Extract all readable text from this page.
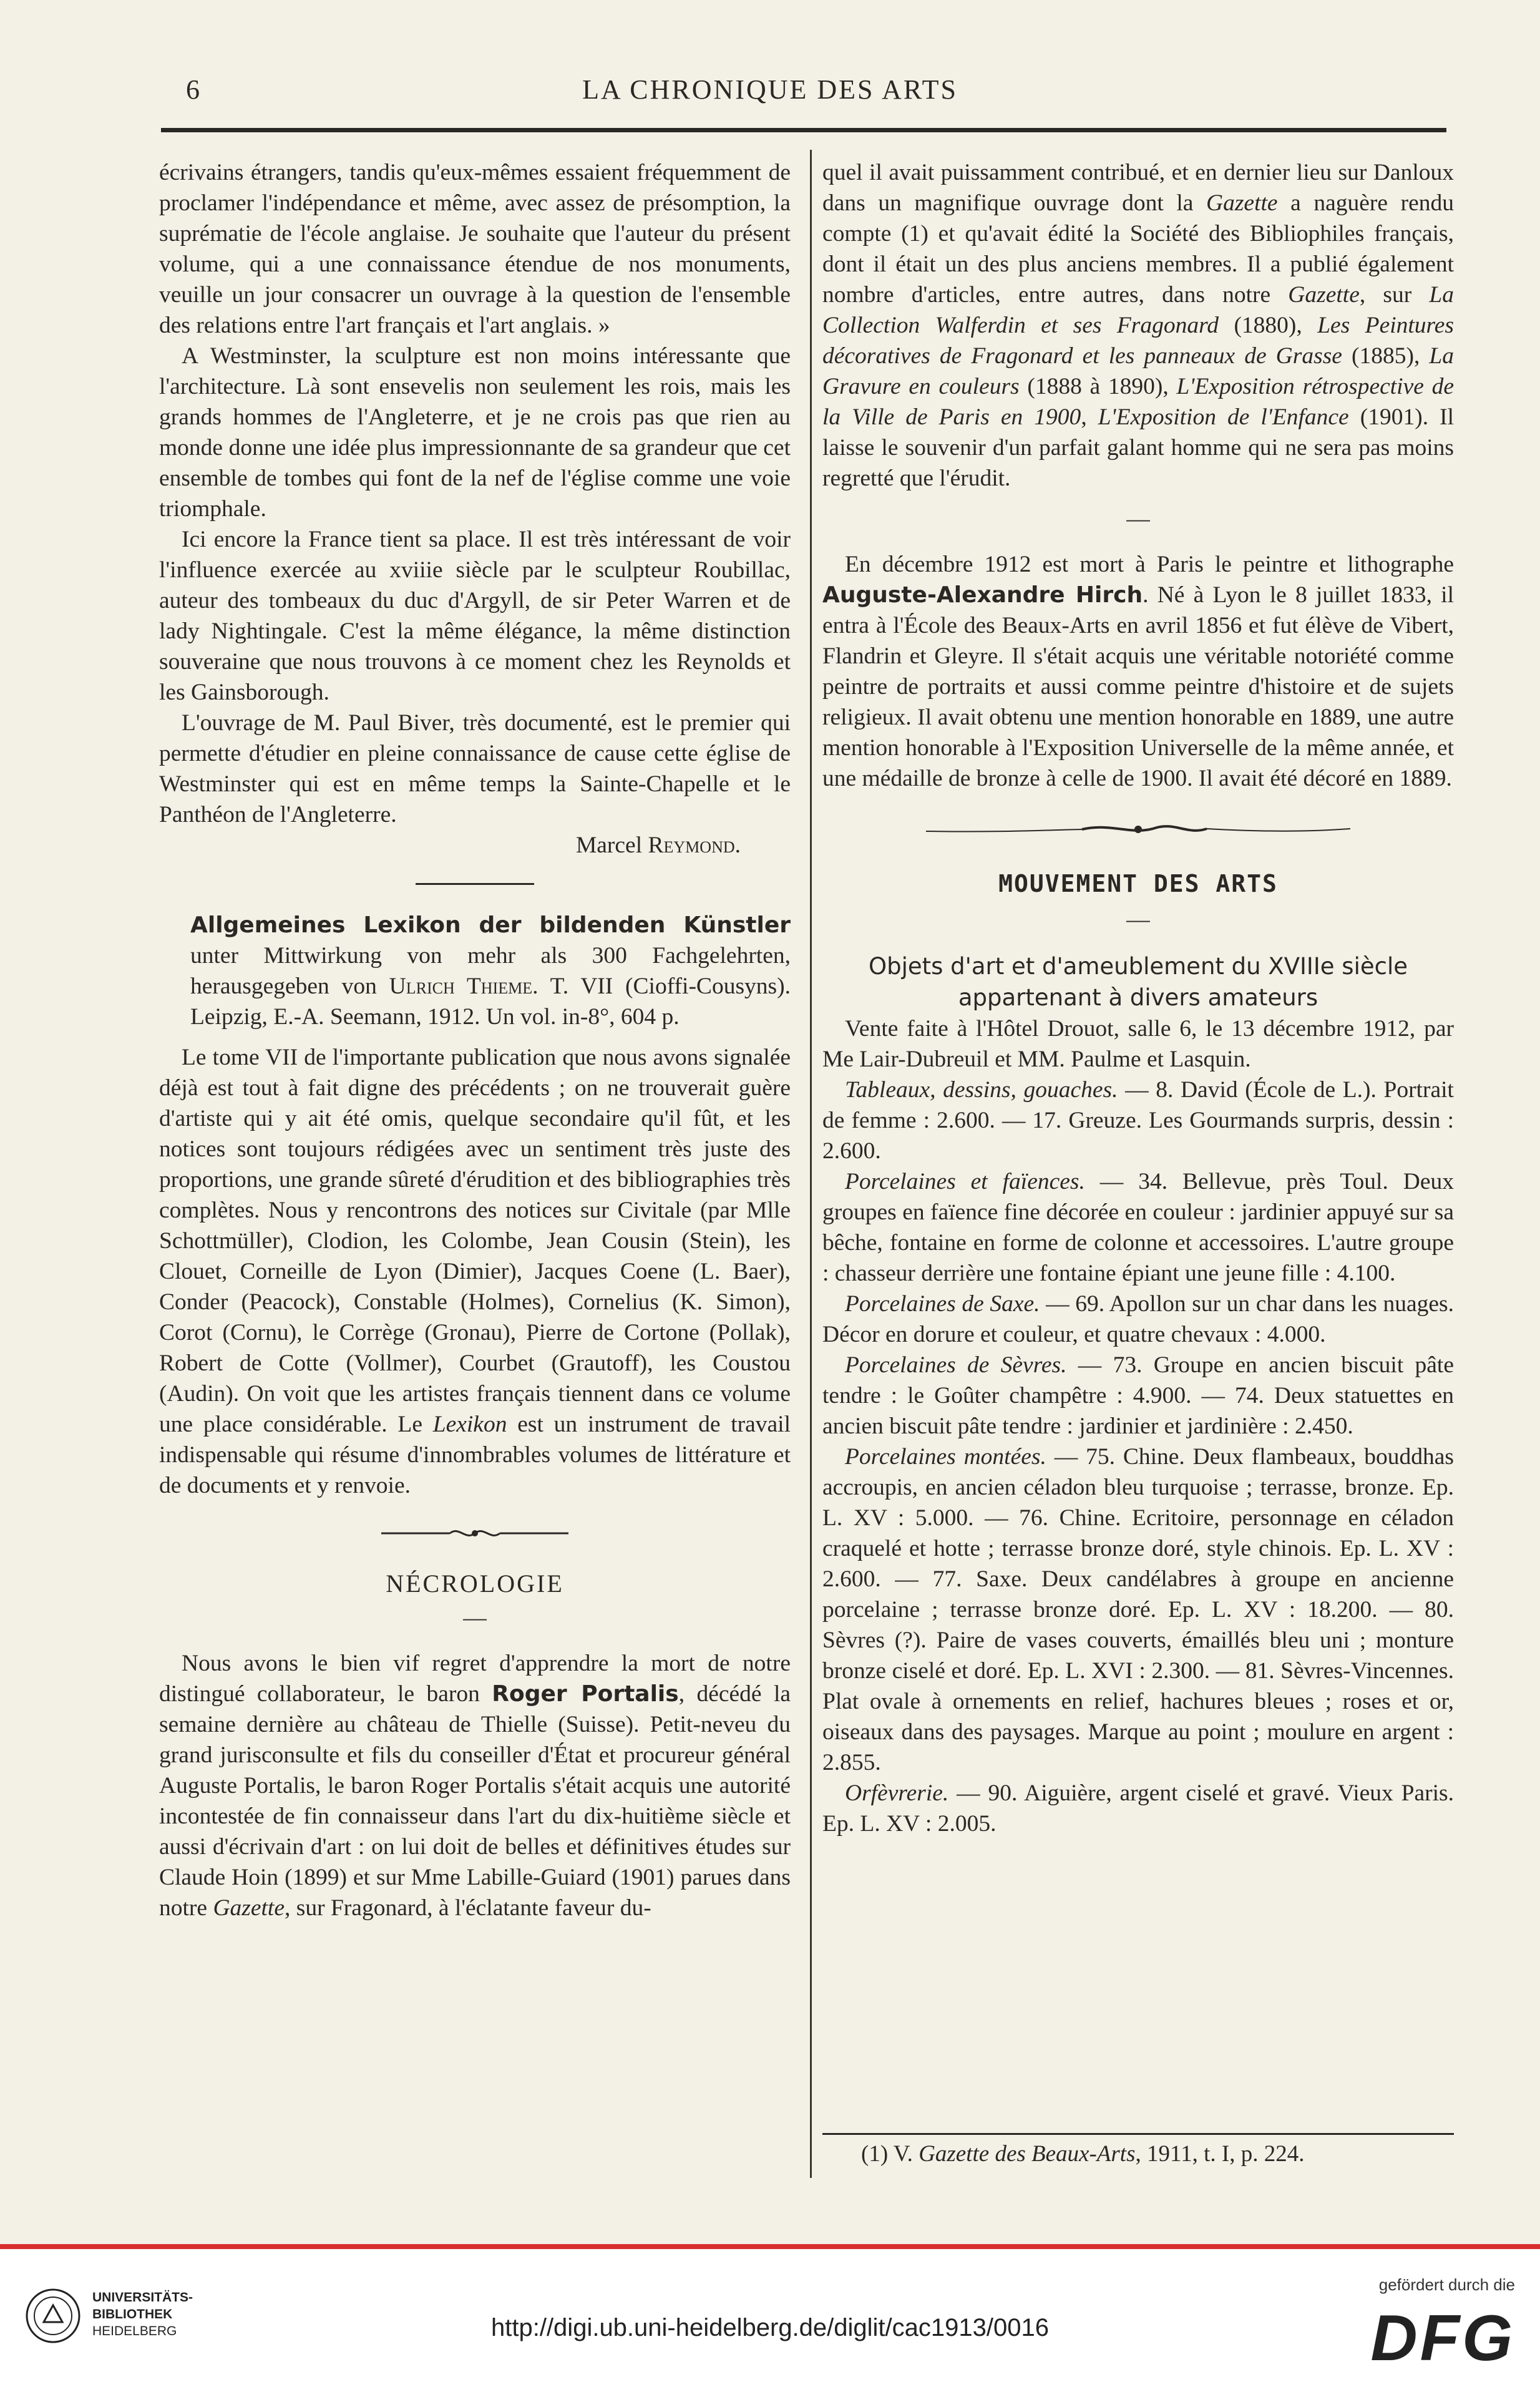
6	LA CHRONIQUE DES ARTS

écrivains étrangers, tandis qu'eux-mêmes essaient fréquemment de proclamer l'indépendance et même, avec assez de présomption, la suprématie de l'école anglaise. Je souhaite que l'auteur du présent volume, qui a une connaissance étendue de nos monuments, veuille un jour consacrer un ouvrage à la question de l'ensemble des relations entre l'art français et l'art anglais. »

A Westminster, la sculpture est non moins intéressante que l'architecture. Là sont ensevelis non seulement les rois, mais les grands hommes de l'Angleterre, et je ne crois pas que rien au monde donne une idée plus impressionnante de sa grandeur que cet ensemble de tombes qui font de la nef de l'église comme une voie triomphale.

Ici encore la France tient sa place. Il est très intéressant de voir l'influence exercée au xviiie siècle par le sculpteur Roubillac, auteur des tombeaux du duc d'Argyll, de sir Peter Warren et de lady Nightingale. C'est la même élégance, la même distinction souveraine que nous trouvons à ce moment chez les Reynolds et les Gainsborough.

L'ouvrage de M. Paul Biver, très documenté, est le premier qui permette d'étudier en pleine connaissance de cause cette église de Westminster qui est en même temps la Sainte-Chapelle et le Panthéon de l'Angleterre.

Marcel Reymond.

Allgemeines Lexikon der bildenden Künstler unter Mittwirkung von mehr als 300 Fachgelehrten, herausgegeben von Ulrich Thieme. T. VII (Cioffi-Cousyns). Leipzig, E.-A. Seemann, 1912. Un vol. in-8°, 604 p.

Le tome VII de l'importante publication que nous avons signalée déjà est tout à fait digne des précédents ; on ne trouverait guère d'artiste qui y ait été omis, quelque secondaire qu'il fût, et les notices sont toujours rédigées avec un sentiment très juste des proportions, une grande sûreté d'érudition et des bibliographies très complètes. Nous y rencontrons des notices sur Civitale (par Mlle Schottmüller), Clodion, les Colombe, Jean Cousin (Stein), les Clouet, Corneille de Lyon (Dimier), Jacques Coene (L. Baer), Conder (Peacock), Constable (Holmes), Cornelius (K. Simon), Corot (Cornu), le Corrège (Gronau), Pierre de Cortone (Pollak), Robert de Cotte (Vollmer), Courbet (Grautoff), les Coustou (Audin). On voit que les artistes français tiennent dans ce volume une place considérable. Le Lexikon est un instrument de travail indispensable qui résume d'innombrables volumes de littérature et de documents et y renvoie.

NÉCROLOGIE

—

Nous avons le bien vif regret d'apprendre la mort de notre distingué collaborateur, le baron Roger Portalis, décédé la semaine dernière au château de Thielle (Suisse). Petit-neveu du grand jurisconsulte et fils du conseiller d'État et procureur général Auguste Portalis, le baron Roger Portalis s'était acquis une autorité incontestée de fin connaisseur dans l'art du dix-huitième siècle et aussi d'écrivain d'art : on lui doit de belles et définitives études sur Claude Hoin (1899) et sur Mme Labille-Guiard (1901) parues dans notre Gazette, sur Fragonard, à l'éclatante faveur du-

quel il avait puissamment contribué, et en dernier lieu sur Danloux dans un magnifique ouvrage dont la Gazette a naguère rendu compte (1) et qu'avait édité la Société des Bibliophiles français, dont il était un des plus anciens membres. Il a publié également nombre d'articles, entre autres, dans notre Gazette, sur La Collection Walferdin et ses Fragonard (1880), Les Peintures décoratives de Fragonard et les panneaux de Grasse (1885), La Gravure en couleurs (1888 à 1890), L'Exposition rétrospective de la Ville de Paris en 1900, L'Exposition de l'Enfance (1901). Il laisse le souvenir d'un parfait galant homme qui ne sera pas moins regretté que l'érudit.

—

En décembre 1912 est mort à Paris le peintre et lithographe Auguste-Alexandre Hirch. Né à Lyon le 8 juillet 1833, il entra à l'École des Beaux-Arts en avril 1856 et fut élève de Vibert, Flandrin et Gleyre. Il s'était acquis une véritable notoriété comme peintre de portraits et aussi comme peintre d'histoire et de sujets religieux. Il avait obtenu une mention honorable en 1889, une autre mention honorable à l'Exposition Universelle de la même année, et une médaille de bronze à celle de 1900. Il avait été décoré en 1889.

MOUVEMENT DES ARTS

—

Objets d'art et d'ameublement du XVIIIe siècle appartenant à divers amateurs

Vente faite à l'Hôtel Drouot, salle 6, le 13 décembre 1912, par Me Lair-Dubreuil et MM. Paulme et Lasquin.

Tableaux, dessins, gouaches. — 8. David (École de L.). Portrait de femme : 2.600. — 17. Greuze. Les Gourmands surpris, dessin : 2.600.

Porcelaines et faïences. — 34. Bellevue, près Toul. Deux groupes en faïence fine décorée en couleur : jardinier appuyé sur sa bêche, fontaine en forme de colonne et accessoires. L'autre groupe : chasseur derrière une fontaine épiant une jeune fille : 4.100.

Porcelaines de Saxe. — 69. Apollon sur un char dans les nuages. Décor en dorure et couleur, et quatre chevaux : 4.000.

Porcelaines de Sèvres. — 73. Groupe en ancien biscuit pâte tendre : le Goûter champêtre : 4.900. — 74. Deux statuettes en ancien biscuit pâte tendre : jardinier et jardinière : 2.450.

Porcelaines montées. — 75. Chine. Deux flambeaux, bouddhas accroupis, en ancien céladon bleu turquoise ; terrasse, bronze. Ep. L. XV : 5.000. — 76. Chine. Ecritoire, personnage en céladon craquelé et hotte ; terrasse bronze doré, style chinois. Ep. L. XV : 2.600. — 77. Saxe. Deux candélabres à groupe en ancienne porcelaine ; terrasse bronze doré. Ep. L. XV : 18.200. — 80. Sèvres (?). Paire de vases couverts, émaillés bleu uni ; monture bronze ciselé et doré. Ep. L. XVI : 2.300. — 81. Sèvres-Vincennes. Plat ovale à ornements en relief, hachures bleues ; roses et or, oiseaux dans des paysages. Marque au point ; moulure en argent : 2.855.

Orfèvrerie. — 90. Aiguière, argent ciselé et gravé. Vieux Paris. Ep. L. XV : 2.005.

(1) V. Gazette des Beaux-Arts, 1911, t. I, p. 224.
UNIVERSITÄTS-
BIBLIOTHEK
HEIDELBERG	http://digi.ub.uni-heidelberg.de/diglit/cac1913/0016
gefördert durch die
DFG
